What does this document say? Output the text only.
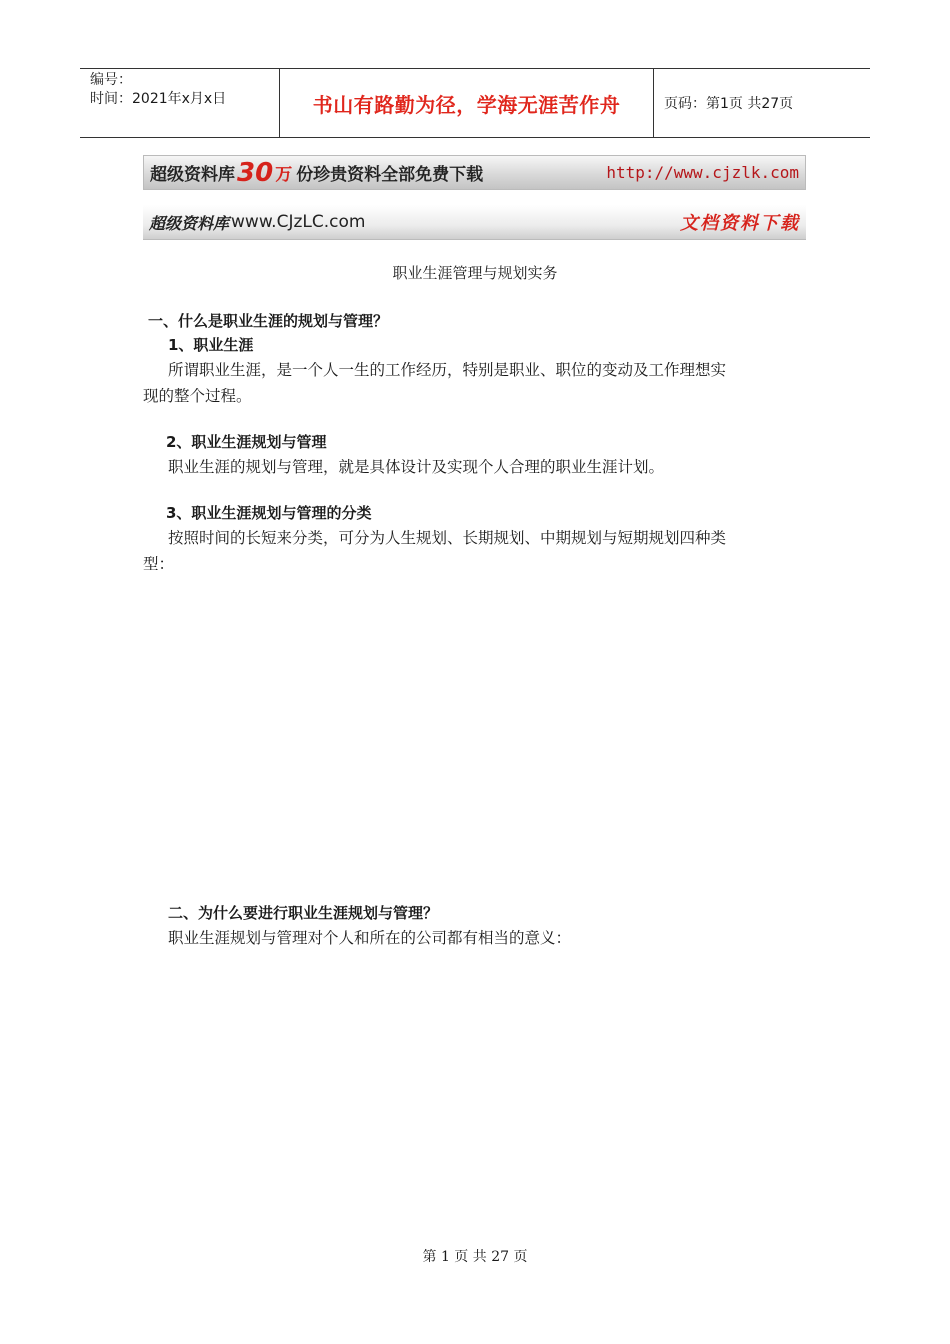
编号：
时间：2021年x月x日	书山有路勤为径，学海无涯苦作舟	页码：第1页 共27页
超级资料库 30 万 份珍贵资料全部免费下载	http://www.cjzlk.com
超级资料库 www.CJzLC.com	文档资料下载
职业生涯管理与规划实务
一、什么是职业生涯的规划与管理？
1、职业生涯
所谓职业生涯，是一个人一生的工作经历，特别是职业、职位的变动及工作理想实
现的整个过程。
2、职业生涯规划与管理
职业生涯的规划与管理，就是具体设计及实现个人合理的职业生涯计划。
3、职业生涯规划与管理的分类
按照时间的长短来分类，可分为人生规划、长期规划、中期规划与短期规划四种类
型：
二、为什么要进行职业生涯规划与管理？
职业生涯规划与管理对个人和所在的公司都有相当的意义：
第 1 页 共 27 页
